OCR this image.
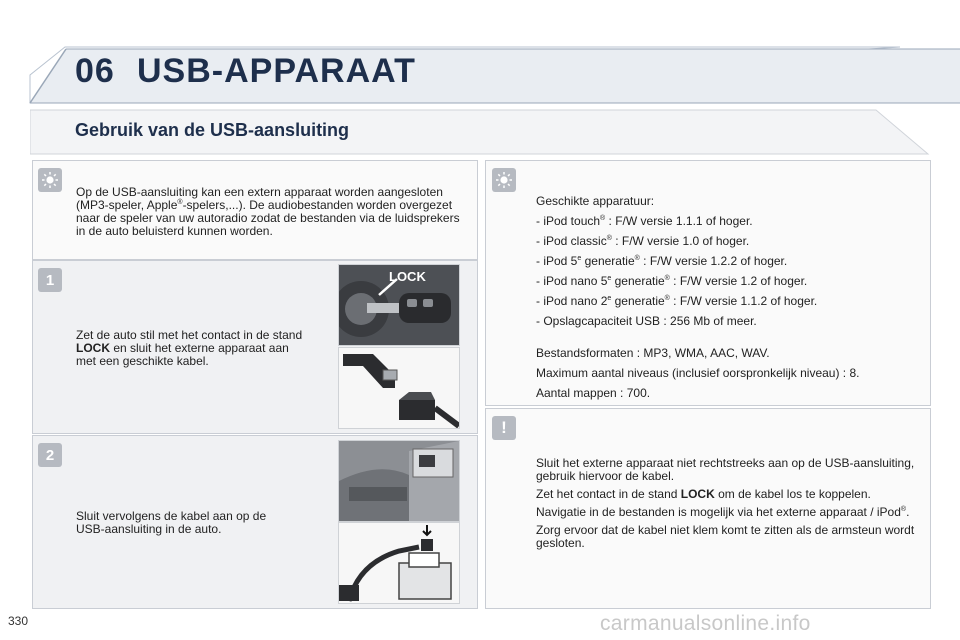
06 USB-APPARAAT
Gebruik van de USB-aansluiting
Op de USB-aansluiting kan een extern apparaat worden aangesloten (MP3-speler, Apple®-spelers,...). De audiobestanden worden overgezet naar de speler van uw autoradio zodat de bestanden via de luidsprekers in de auto beluisterd kunnen worden.
1
Zet de auto stil met het contact in de stand LOCK en sluit het externe apparaat aan met een geschikte kabel.
LOCK
2
Sluit vervolgens de kabel aan op de USB-aansluiting in de auto.
Geschikte apparatuur:
- iPod touch® : F/W versie 1.1.1 of hoger.
- iPod classic® : F/W versie 1.0 of hoger.
- iPod 5e generatie® : F/W versie 1.2.2 of hoger.
- iPod nano 5e generatie® : F/W versie 1.2 of hoger.
- iPod nano 2e generatie® : F/W versie 1.1.2 of hoger.
- Opslagcapaciteit USB : 256 Mb of meer.
Bestandsformaten : MP3, WMA, AAC, WAV.
Maximum aantal niveaus (inclusief oorspronkelijk niveau) : 8.
Aantal mappen : 700.
!
Sluit het externe apparaat niet rechtstreeks aan op de USB-aansluiting, gebruik hiervoor de kabel.
Zet het contact in de stand LOCK om de kabel los te koppelen.
Navigatie in de bestanden is mogelijk via het externe apparaat / iPod®.
Zorg ervoor dat de kabel niet klem komt te zitten als de armsteun wordt gesloten.
330	carmanualsonline.info
